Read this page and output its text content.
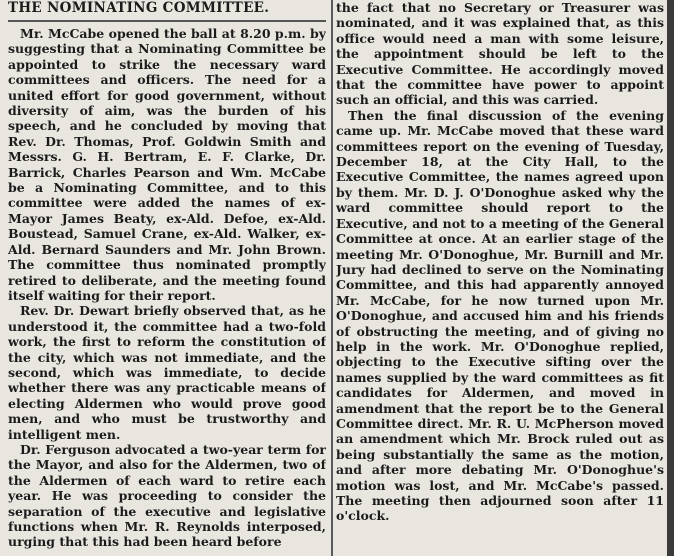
THE NOMINATING COMMITTEE.

Mr. McCabe opened the ball at 8.20 p.m. by suggesting that a Nominating Committee be appointed to strike the necessary ward committees and officers. The need for a united effort for good government, without diversity of aim, was the burden of his speech, and he concluded by moving that Rev. Dr. Thomas, Prof. Goldwin Smith and Messrs. G. H. Bertram, E. F. Clarke, Dr. Barrick, Charles Pearson and Wm. McCabe be a Nominating Committee, and to this committee were added the names of ex-Mayor James Beaty, ex-Ald. Defoe, ex-Ald. Boustead, Samuel Crane, ex-Ald. Walker, ex-Ald. Bernard Saunders and Mr. John Brown. The committee thus nominated promptly retired to deliberate, and the meeting found itself waiting for their report.

Rev. Dr. Dewart briefly observed that, as he understood it, the committee had a two-fold work, the first to reform the constitution of the city, which was not immediate, and the second, which was immediate, to decide whether there was any practicable means of electing Aldermen who would prove good men, and who must be trustworthy and intelligent men.

Dr. Ferguson advocated a two-year term for the Mayor, and also for the Aldermen, two of the Aldermen of each ward to retire each year. He was proceeding to consider the separation of the executive and legislative functions when Mr. R. Reynolds interposed, urging that this had been heard before

the fact that no Secretary or Treasurer was nominated, and it was explained that, as this office would need a man with some leisure, the appointment should be left to the Executive Committee. He accordingly moved that the committee have power to appoint such an official, and this was carried.

Then the final discussion of the evening came up. Mr. McCabe moved that these ward committees report on the evening of Tuesday, December 18, at the City Hall, to the Executive Committee, the names agreed upon by them. Mr. D. J. O'Donoghue asked why the ward committee should report to the Executive, and not to a meeting of the General Committee at once. At an earlier stage of the meeting Mr. O'Donoghue, Mr. Burnill and Mr. Jury had declined to serve on the Nominating Committee, and this had apparently annoyed Mr. McCabe, for he now turned upon Mr. O'Donoghue, and accused him and his friends of obstructing the meeting, and of giving no help in the work. Mr. O'Donoghue replied, objecting to the Executive sifting over the names supplied by the ward committees as fit candidates for Aldermen, and moved in amendment that the report be to the General Committee direct. Mr. R. U. McPherson moved an amendment which Mr. Brock ruled out as being substantially the same as the motion, and after more debating Mr. O'Donoghue's motion was lost, and Mr. McCabe's passed. The meeting then adjourned soon after 11 o'clock.
